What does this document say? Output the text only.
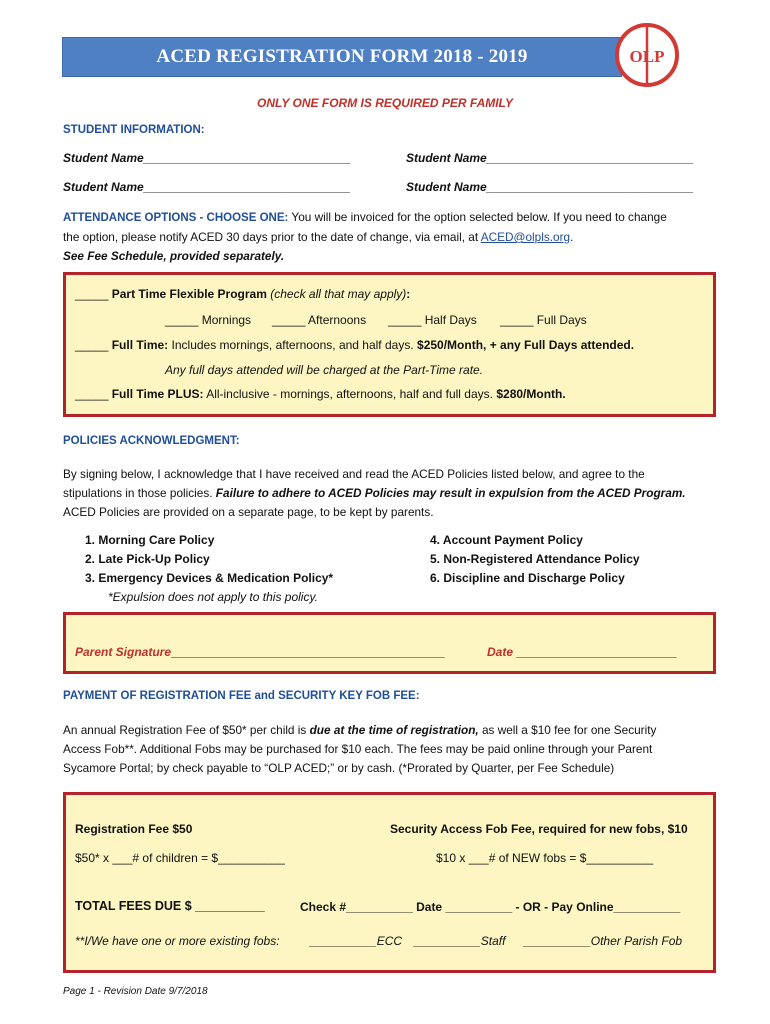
ACED REGISTRATION FORM 2018 - 2019	OLP
ONLY ONE FORM IS REQUIRED PER FAMILY
STUDENT INFORMATION:
Student Name_______________________________	Student Name_______________________________
Student Name_______________________________	Student Name_______________________________
ATTENDANCE OPTIONS - CHOOSE ONE: You will be invoiced for the option selected below. If you need to change
the option, please notify ACED 30 days prior to the date of change, via email, at ACED@olpls.org.
See Fee Schedule, provided separately.
_____ Part Time Flexible Program (check all that may apply):
_____ Mornings _____ Afternoons _____ Half Days _____ Full Days
_____ Full Time: Includes mornings, afternoons, and half days. $250/Month, + any Full Days attended.
Any full days attended will be charged at the Part-Time rate.
_____ Full Time PLUS: All-inclusive - mornings, afternoons, half and full days. $280/Month.
POLICIES ACKNOWLEDGMENT:
By signing below, I acknowledge that I have received and read the ACED Policies listed below, and agree to the
stipulations in those policies. Failure to adhere to ACED Policies may result in expulsion from the ACED Program.
ACED Policies are provided on a separate page, to be kept by parents.
1. Morning Care Policy
2. Late Pick-Up Policy
3. Emergency Devices & Medication Policy*
*Expulsion does not apply to this policy.
4. Account Payment Policy
5. Non-Registered Attendance Policy
6. Discipline and Discharge Policy
Parent Signature_________________________________________	Date ________________________
PAYMENT OF REGISTRATION FEE and SECURITY KEY FOB FEE:
An annual Registration Fee of $50* per child is due at the time of registration, as well a $10 fee for one Security
Access Fob**. Additional Fobs may be purchased for $10 each. The fees may be paid online through your Parent
Sycamore Portal; by check payable to “OLP ACED;” or by cash. (*Prorated by Quarter, per Fee Schedule)
Registration Fee $50	Security Access Fob Fee, required for new fobs, $10
$50* x ___# of children = $__________	$10 x ___# of NEW fobs = $__________
TOTAL FEES DUE $ __________	Check #__________ Date __________ - OR - Pay Online__________
**I/We have one or more existing fobs:	__________ECC __________Staff __________Other Parish Fob
Page 1 - Revision Date 9/7/2018
